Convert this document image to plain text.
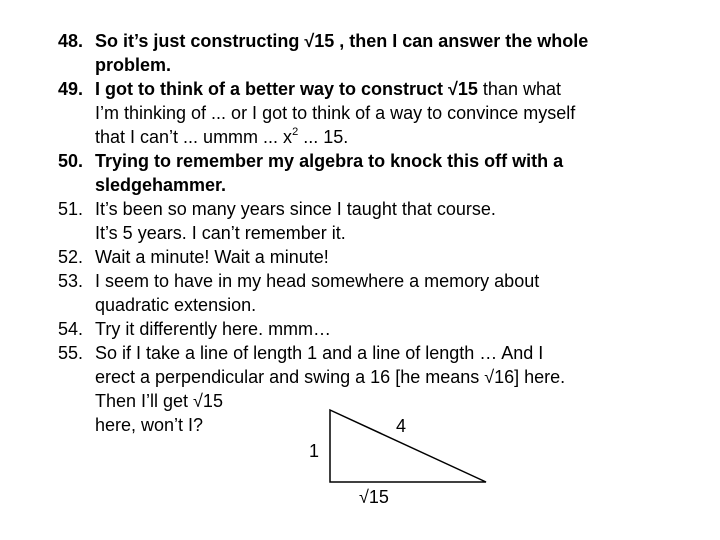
48. So it’s just constructing √15 , then I can answer the whole
problem.
49. I got to think of a better way to construct √15 than what
I’m thinking of ... or I got to think of a way to convince myself
that I can’t ... ummm ... $x^2$ ... 15.
50. Trying to remember my algebra to knock this off with a
sledgehammer.
51. It’s been so many years since I taught that course.
It’s 5 years. I can’t remember it.
52. Wait a minute! Wait a minute!
53. I seem to have in my head somewhere a memory about
quadratic extension.
54. Try it differently here. mmm…
55. So if I take a line of length 1 and a line of length … And I
erect a perpendicular and swing a 16 [he means √16] here.
Then I’ll get √15
here, won’t I?	4
1
√15
